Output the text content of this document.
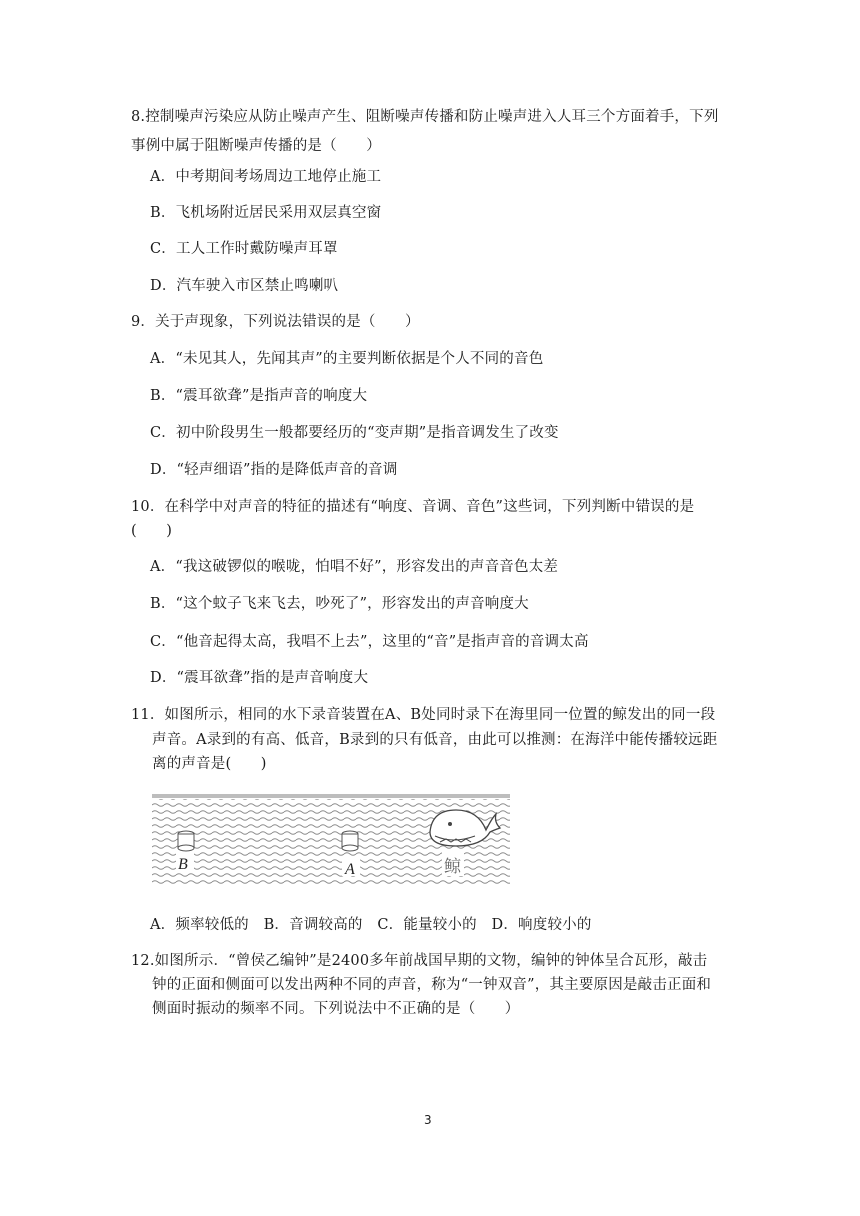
8.控制噪声污染应从防止噪声产生、阻断噪声传播和防止噪声进入人耳三个方面着手，下列
事例中属于阻断噪声传播的是（　　）
A．中考期间考场周边工地停止施工
B．飞机场附近居民采用双层真空窗
C．工人工作时戴防噪声耳罩
D．汽车驶入市区禁止鸣喇叭
9．关于声现象，下列说法错误的是（　　）
A．“未见其人，先闻其声”的主要判断依据是个人不同的音色
B．“震耳欲聋”是指声音的响度大
C．初中阶段男生一般都要经历的“变声期”是指音调发生了改变
D．“轻声细语”指的是降低声音的音调
10．在科学中对声音的特征的描述有“响度、音调、音色”这些词，下列判断中错误的是
(　　)
A．“我这破锣似的喉咙，怕唱不好”，形容发出的声音音色太差
B．“这个蚊子飞来飞去，吵死了”，形容发出的声音响度大
C．“他音起得太高，我唱不上去”，这里的“音”是指声音的音调太高
D．“震耳欲聋”指的是声音响度大
11．如图所示，相同的水下录音装置在A、B处同时录下在海里同一位置的鲸发出的同一段
声音。A录到的有高、低音，B录到的只有低音，由此可以推测：在海洋中能传播较远距
离的声音是(　　)
B	A	鲸
A．频率较低的　B．音调较高的　C．能量较小的　D．响度较小的
12.如图所示．“曾侯乙编钟”是2400多年前战国早期的文物，编钟的钟体呈合瓦形，敲击
钟的正面和侧面可以发出两种不同的声音，称为“一钟双音”，其主要原因是敲击正面和
侧面时振动的频率不同。下列说法中不正确的是（　　）
3
